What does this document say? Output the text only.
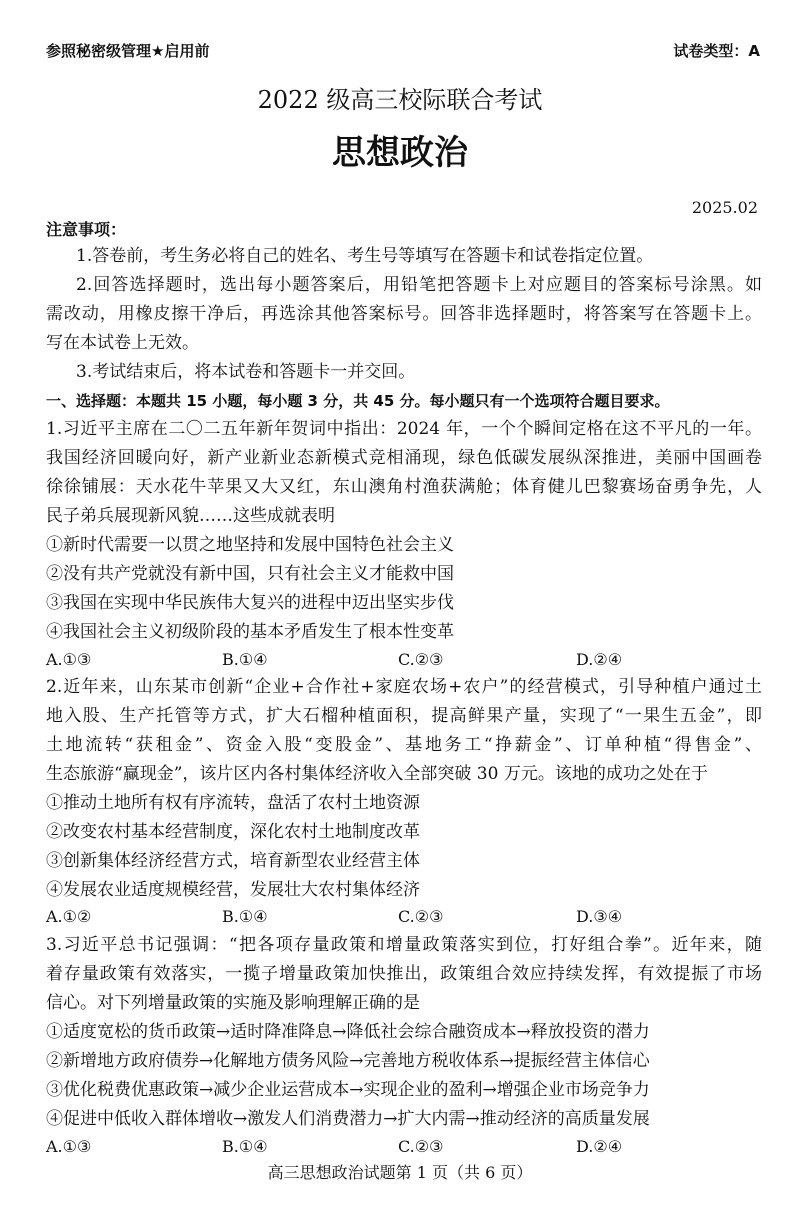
参照秘密级管理★启用前	试卷类型：A
2022 级高三校际联合考试
思想政治
2025.02
注意事项：
1.答卷前，考生务必将自己的姓名、考生号等填写在答题卡和试卷指定位置。
2.回答选择题时，选出每小题答案后，用铅笔把答题卡上对应题目的答案标号涂黑。如
需改动，用橡皮擦干净后，再选涂其他答案标号。回答非选择题时，将答案写在答题卡上。
写在本试卷上无效。
3.考试结束后，将本试卷和答题卡一并交回。
一、选择题：本题共 15 小题，每小题 3 分，共 45 分。每小题只有一个选项符合题目要求。
1.习近平主席在二〇二五年新年贺词中指出：2024 年，一个个瞬间定格在这不平凡的一年。
我国经济回暖向好，新产业新业态新模式竞相涌现，绿色低碳发展纵深推进，美丽中国画卷
徐徐铺展：天水花牛苹果又大又红，东山澳角村渔获满舱；体育健儿巴黎赛场奋勇争先，人
民子弟兵展现新风貌……这些成就表明
①新时代需要一以贯之地坚持和发展中国特色社会主义
②没有共产党就没有新中国，只有社会主义才能救中国
③我国在实现中华民族伟大复兴的进程中迈出坚实步伐
④我国社会主义初级阶段的基本矛盾发生了根本性变革
A.①③	B.①④	C.②③	D.②④
2.近年来，山东某市创新“企业+合作社+家庭农场+农户”的经营模式，引导种植户通过土
地入股、生产托管等方式，扩大石榴种植面积，提高鲜果产量，实现了“一果生五金”，即
土地流转“获租金”、资金入股“变股金”、基地务工“挣薪金”、订单种植“得售金”、
生态旅游“赢现金”，该片区内各村集体经济收入全部突破 30 万元。该地的成功之处在于
①推动土地所有权有序流转，盘活了农村土地资源
②改变农村基本经营制度，深化农村土地制度改革
③创新集体经济经营方式，培育新型农业经营主体
④发展农业适度规模经营，发展壮大农村集体经济
A.①②	B.①④	C.②③	D.③④
3.习近平总书记强调：“把各项存量政策和增量政策落实到位，打好组合拳”。近年来，随
着存量政策有效落实，一揽子增量政策加快推出，政策组合效应持续发挥，有效提振了市场
信心。对下列增量政策的实施及影响理解正确的是
①适度宽松的货币政策→适时降准降息→降低社会综合融资成本→释放投资的潜力
②新增地方政府债券→化解地方债务风险→完善地方税收体系→提振经营主体信心
③优化税费优惠政策→减少企业运营成本→实现企业的盈利→增强企业市场竞争力
④促进中低收入群体增收→激发人们消费潜力→扩大内需→推动经济的高质量发展
A.①③	B.①④	C.②③	D.②④
高三思想政治试题第 1 页（共 6 页）
